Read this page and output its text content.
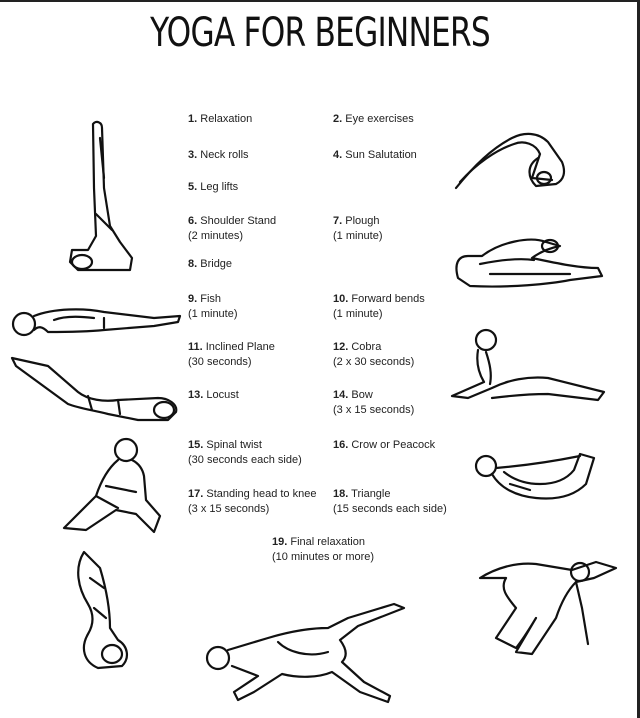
YOGA FOR BEGINNERS
1. Relaxation	2. Eye exercises
3. Neck rolls	4. Sun Salutation
5. Leg lifts
6. Shoulder Stand
(2 minutes)
7. Plough
(1 minute)
8. Bridge
9. Fish
(1 minute)
10. Forward bends
(1 minute)
11. Inclined Plane
(30 seconds)
12. Cobra
(2 x 30 seconds)
13. Locust	14. Bow
(3 x 15 seconds)
15. Spinal twist
(30 seconds each side)
16. Crow or Peacock
17. Standing head to knee
(3 x 15 seconds)
18. Triangle
(15 seconds each side)
19. Final relaxation
(10 minutes or more)
